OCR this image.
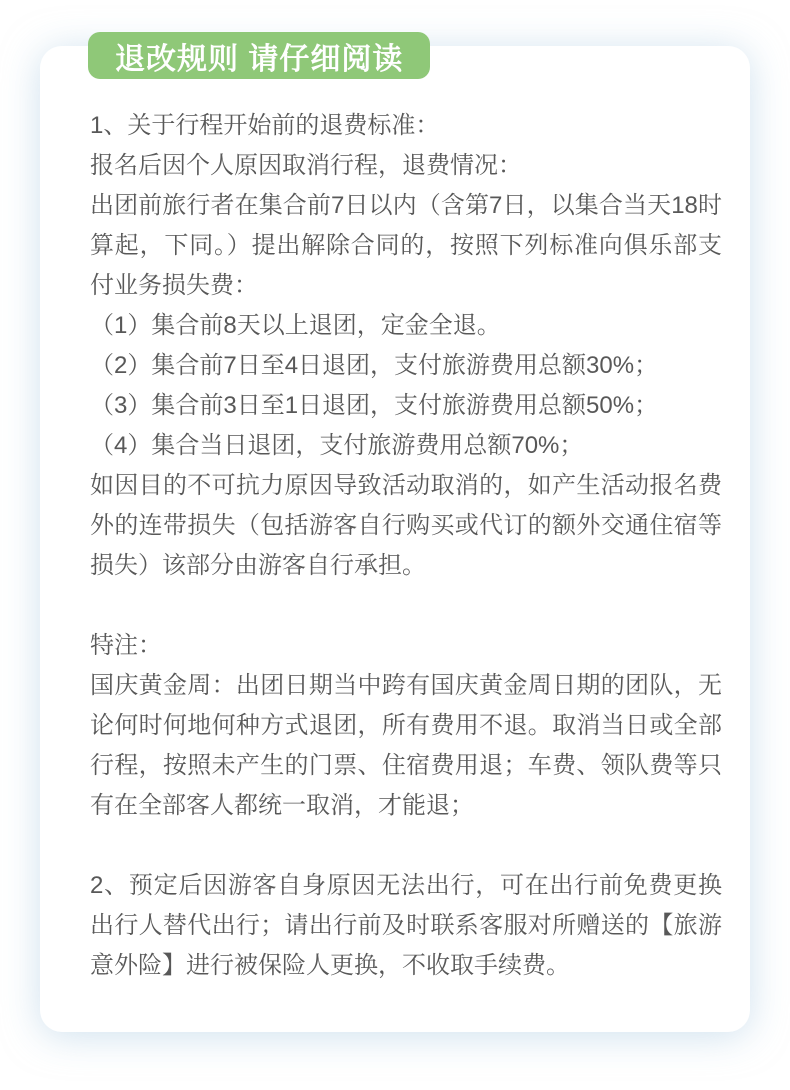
退改规则 请仔细阅读

1、关于行程开始前的退费标准：

报名后因个人原因取消行程，退费情况：

出团前旅行者在集合前7日以内（含第7日，以集合当天18时算起，下同。）提出解除合同的，按照下列标准向俱乐部支付业务损失费：

（1）集合前8天以上退团，定金全退。

（2）集合前7日至4日退团，支付旅游费用总额30%；

（3）集合前3日至1日退团，支付旅游费用总额50%；

（4）集合当日退团，支付旅游费用总额70%；

如因目的不可抗力原因导致活动取消的，如产生活动报名费外的连带损失（包括游客自行购买或代订的额外交通住宿等损失）该部分由游客自行承担。

特注：

国庆黄金周：出团日期当中跨有国庆黄金周日期的团队，无论何时何地何种方式退团，所有费用不退。取消当日或全部行程，按照未产生的门票、住宿费用退；车费、领队费等只有在全部客人都统一取消，才能退；

2、预定后因游客自身原因无法出行，可在出行前免费更换出行人替代出行；请出行前及时联系客服对所赠送的【旅游意外险】进行被保险人更换，不收取手续费。
